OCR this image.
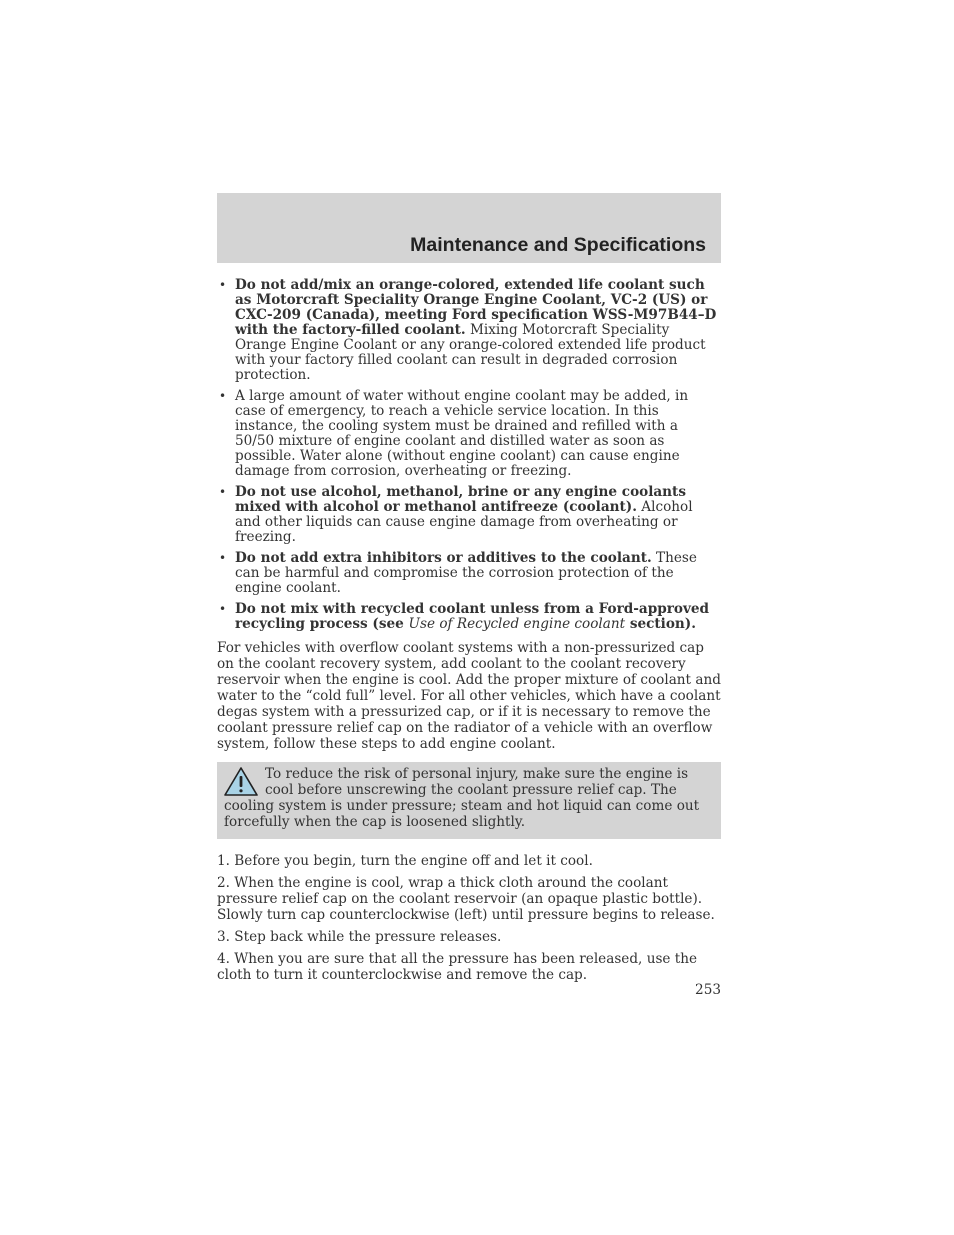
Maintenance and Specifications
• Do not add/mix an orange-colored, extended life coolant such as Motorcraft Speciality Orange Engine Coolant, VC-2 (US) or CXC-209 (Canada), meeting Ford specification WSS-M97B44–D with the factory-filled coolant. Mixing Motorcraft Speciality Orange Engine Coolant or any orange-colored extended life product with your factory filled coolant can result in degraded corrosion protection.
• A large amount of water without engine coolant may be added, in case of emergency, to reach a vehicle service location. In this instance, the cooling system must be drained and refilled with a 50/50 mixture of engine coolant and distilled water as soon as possible. Water alone (without engine coolant) can cause engine damage from corrosion, overheating or freezing.
• Do not use alcohol, methanol, brine or any engine coolants mixed with alcohol or methanol antifreeze (coolant). Alcohol and other liquids can cause engine damage from overheating or freezing.
• Do not add extra inhibitors or additives to the coolant. These can be harmful and compromise the corrosion protection of the engine coolant.
• Do not mix with recycled coolant unless from a Ford-approved recycling process (see Use of Recycled engine coolant section).

For vehicles with overflow coolant systems with a non-pressurized cap on the coolant recovery system, add coolant to the coolant recovery reservoir when the engine is cool. Add the proper mixture of coolant and water to the “cold full” level. For all other vehicles, which have a coolant degas system with a pressurized cap, or if it is necessary to remove the coolant pressure relief cap on the radiator of a vehicle with an overflow system, follow these steps to add engine coolant.

To reduce the risk of personal injury, make sure the engine is cool before unscrewing the coolant pressure relief cap. The cooling system is under pressure; steam and hot liquid can come out forcefully when the cap is loosened slightly.

1. Before you begin, turn the engine off and let it cool.

2. When the engine is cool, wrap a thick cloth around the coolant pressure relief cap on the coolant reservoir (an opaque plastic bottle). Slowly turn cap counterclockwise (left) until pressure begins to release.

3. Step back while the pressure releases.

4. When you are sure that all the pressure has been released, use the cloth to turn it counterclockwise and remove the cap.

253
